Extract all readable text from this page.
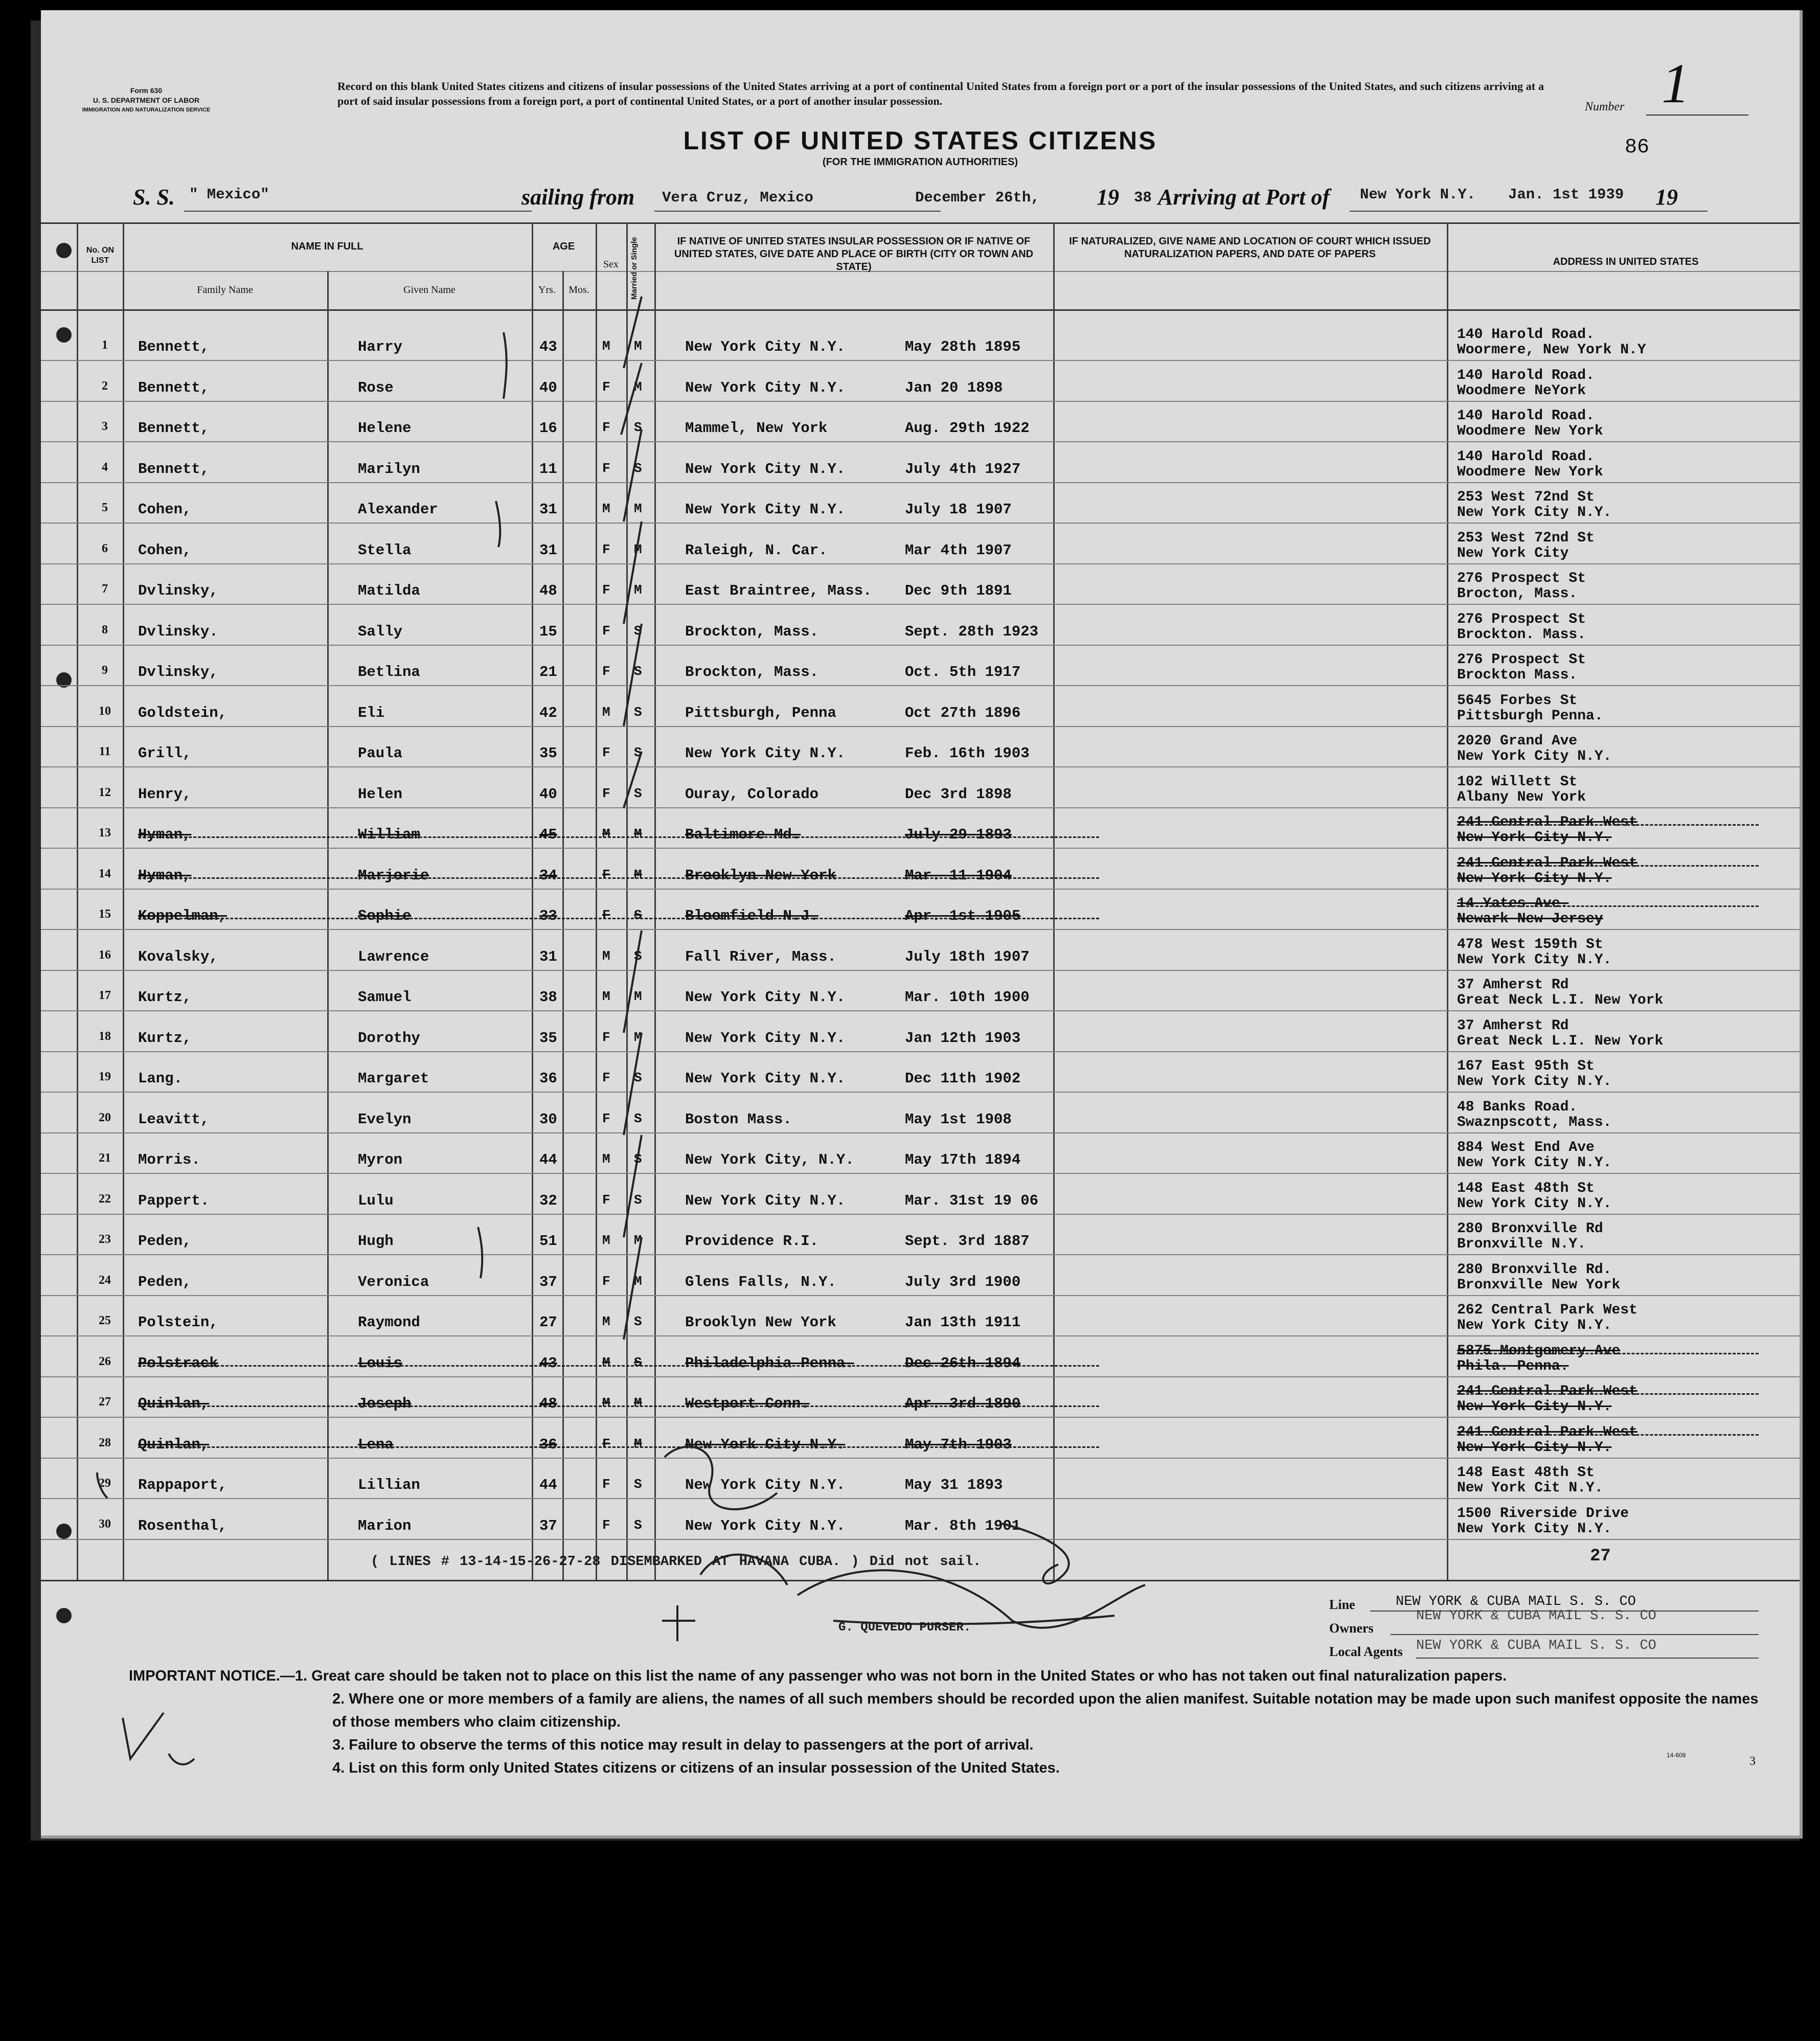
Form 630
U. S. DEPARTMENT OF LABOR
IMMIGRATION AND NATURALIZATION SERVICE
Record on this blank United States citizens and citizens of insular possessions of the United States arriving at a port of continental United States from a foreign port or a port of the insular possessions of the United States, and such citizens arriving at a port of said insular possessions from a foreign port, a port of continental United States, or a port of another insular possession.	Number 1
86
LIST OF UNITED STATES CITIZENS
(FOR THE IMMIGRATION AUTHORITIES)
S. S. " Mexico"	sailing from Vera Cruz, Mexico	December 26th,	19 38 Arriving at Port of New York N.Y. Jan. 1st 1939 19
No. ON LIST
NAME IN FULL
Family Name	Given Name
AGE
Yrs.	Mos.
Sex	Married or Single	IF NATIVE OF UNITED STATES INSULAR POSSESSION OR IF NATIVE OF UNITED STATES, GIVE DATE AND PLACE OF BIRTH (CITY OR TOWN AND STATE)
IF NATURALIZED, GIVE NAME AND LOCATION OF COURT WHICH ISSUED NATURALIZATION PAPERS, AND DATE OF PAPERS
ADDRESS IN UNITED STATES
1	Bennett,	Harry	43	M M	New York City N.Y.	May 28th 1895
140 Harold Road.
Woormere, New York N.Y
2	Bennett,	Rose	40	F M	New York City N.Y.	Jan 20 1898
140 Harold Road.
Woodmere NeYork
3	Bennett,	Helene	16	F S	Mammel, New York	Aug. 29th 1922
140 Harold Road.
Woodmere New York
4	Bennett,	Marilyn	11	F S	New York City N.Y.	July 4th 1927
140 Harold Road.
Woodmere New York
5	Cohen,	Alexander	31	M M	New York City N.Y.	July 18 1907
253 West 72nd St
New York City N.Y.
6	Cohen,	Stella	31	F M	Raleigh, N. Car.	Mar 4th 1907
253 West 72nd St
New York City
7	Dvlinsky,	Matilda	48	F M	East Braintree, Mass. Dec 9th 1891
276 Prospect St
Brocton, Mass.
8	Dvlinsky.	Sally	15	F S	Brockton, Mass.	Sept. 28th 1923
276 Prospect St
Brockton. Mass.
9	Dvlinsky,	Betlina	21	F S	Brockton, Mass.	Oct. 5th 1917
276 Prospect St
Brockton Mass.
10	Goldstein,	Eli	42	M S	Pittsburgh, Penna	Oct 27th 1896
5645 Forbes St
Pittsburgh Penna.
11	Grill,	Paula	35	F S	New York City N.Y.	Feb. 16th 1903
2020 Grand Ave
New York City N.Y.
12	Henry,	Helen	40	F S	Ouray, Colorado	Dec 3rd 1898
102 Willett St
Albany New York
13	Hyman,	William	45	M M	Baltimore Md.	July 29 1893
241 Central Park West
New York City N.Y.
14	Hyman,	Marjorie	34	F M	Brooklyn New York	Mar. 11 1904
241 Central Park West
New York City N.Y.
15	Koppelman,	Sophie	33	F S	Bloomfield N.J.	Apr. 1st 1905
14 Yates Ave.
Newark New Jersey
16	Kovalsky,	Lawrence	31	M S	Fall River, Mass.	July 18th 1907
478 West 159th St
New York City N.Y.
17	Kurtz,	Samuel	38	M M	New York City N.Y.	Mar. 10th 1900
37 Amherst Rd
Great Neck L.I. New York
18	Kurtz,	Dorothy	35	F M	New York City N.Y.	Jan 12th 1903
37 Amherst Rd
Great Neck L.I. New York
19	Lang.	Margaret	36	F S	New York City N.Y.	Dec 11th 1902
167 East 95th St
New York City N.Y.
20	Leavitt,	Evelyn	30	F S	Boston Mass.	May 1st 1908
48 Banks Road.
Swaznpscott, Mass.
21	Morris.	Myron	44	M S	New York City, N.Y.	May 17th 1894
884 West End Ave
New York City N.Y.
22	Pappert.	Lulu	32	F S	New York City N.Y.	Mar. 31st 19 06
148 East 48th St
New York City N.Y.
23	Peden,	Hugh	51	M M	Providence R.I.	Sept. 3rd 1887
280 Bronxville Rd
Bronxville N.Y.
24	Peden,	Veronica	37	F M	Glens Falls, N.Y.	July 3rd 1900
280 Bronxville Rd.
Bronxville New York
25	Polstein,	Raymond	27	M S	Brooklyn New York	Jan 13th 1911
262 Central Park West
New York City N.Y.
26	Polstrack	Louis	43	M S	Philadelphia Penna.	Dec 26th 1894
5875 Montgomery Ave
Phila. Penna.
27	Quinlan,	Joseph	48	M M	Westport Conn.	Apr. 3rd 1890
241 Central Park West
New York City N.Y.
28	Quinlan,	Lena	36	F M	New York City N.Y.	May 7th 1903
241 Central Park West
New York City N.Y.
29	Rappaport,	Lillian	44	F S	New York City N.Y.	May 31 1893
148 East 48th St
New York Cit N.Y.
30	Rosenthal,	Marion	37	F S	New York City N.Y.	Mar. 8th 1901
1500 Riverside Drive
New York City N.Y.
( LINES # 13-14-15-26-27-28 DISEMBARKED AT HAVANA CUBA. ) Did not sail.	27
G. QUEVEDO PURSER.
Line	NEW YORK & CUBA MAIL S. S. CO
Owners
NEW YORK & CUBA MAIL S. S. CO
Local Agents NEW YORK & CUBA MAIL S. S. CO
IMPORTANT NOTICE.—1. Great care should be taken not to place on this list the name of any passenger who was not born in the United States or who has not taken out final naturalization papers.
2. Where one or more members of a family are aliens, the names of all such members should be recorded upon the alien manifest. Suitable notation may be made upon such manifest opposite the names of those members who claim citizenship.
3. Failure to observe the terms of this notice may result in delay to passengers at the port of arrival.
4. List on this form only United States citizens or citizens of an insular possession of the United States.
14-608	3
